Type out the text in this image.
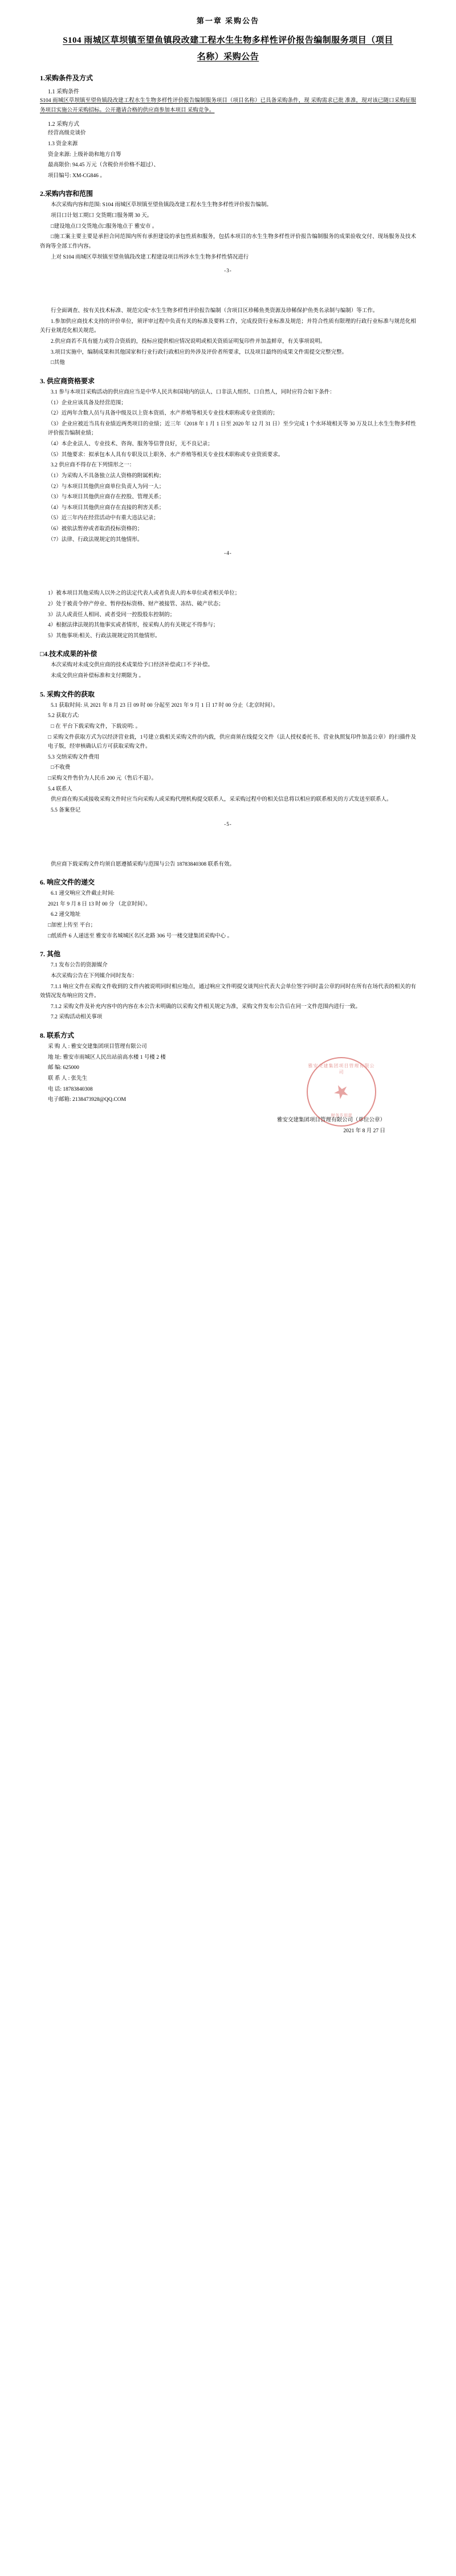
第一章 采购公告
S104 雨城区草坝镇至望鱼镇段改建工程水生生物多样性评价报告编制服务项目（项目名称）采购公告
1.采购条件及方式
1.1 采购条件

S104 雨城区草坝镇至望鱼镇段改建工程水生生物多样性评价报告编制服务项目（项目名称）已具备采购条件，现 采购需求已批 准准，现对该已随口采购征服务项目实施公开采购招标。公开邀请合格的供应商参加本项目 采购竞争。

1.2 采购方式

经营高级竞谈价

1.3 资金来源

资金来源: 上级补助和地方自筹

最高限价: 94.45 万元（含税价并价格不超过）、

项目编号: XM-CG846 。

2.采购内容和范围

本次采购内容和范围: S104 雨城区草坝镇至望鱼镇段改建工程水生生物多样性评价报告编制。

项目口计划工期口 交货期口服务期 30 天。

□建设地点口交货地点□服务地点于 雅安市 。

□施工案主要主要是承担合同范围内所有承担建设的承包性质和服务，包括本项目的水生生物多样性评价报告编制服务的成果验收交付、现场服务及技术咨询等全部工作内容。

上对 S104 雨城区草坝镇至望鱼镇段改建工程建设项目所涉水生生物多样性情况进行

-3-

行全面调查、按有关技术标准、规范完成“水生生物多样性评价报告编制（含项目区珍稀鱼类资源及珍稀保护鱼类名录制与编制）等工作。

1.参加供应商技术支持的评价单位，须评审过程中负责有关的标准及要料工作，完成投资行业标准及规范；并符合性质有限理的行政行业标准与规范化相关行业规范化相关规范。

2.供应商若不具有能力或符合资质的，投标应提供相应情况说明或相关资质证明复印件并加盖鲜章，有关事项说明。

3.项目实施中，编制成果和其他国家和行业行政行政相应的外涉及评价者所要求，以及项目最终的成果文件需提交完整完整。

□其他

3. 供应商资格要求

3.1 参与本项目采购活动的供应商应当是中华人民共和国境内的法人、口非法人组织、口自然人，同时应符合如下条件：

（1）企业应该具备及经营范围；

（2）近两年含数人员与具备中级及以上资本资质、水产养殖等相关专业技术职称或专业资质的；

（3）企业应被近当具有业绩近两类项目的业绩；近三年（2018 年 1 月 1 日至 2020 年 12 月 31 日）至少完成 1 个水环境相关等 30 万及以上水生生物多样性评价报告编制业绩；

（4）本企业法人、专业技术、咨询、服务等信誉良好，无不良记录；

（5）其他要求：拟承包本人具有专职及以上职务、水产养殖等相关专业技术职称或专业资质要求。

3.2 供应商不得存在下列情形之一：

（1）为采购人不具备独立法人资格的附属机构；

（2）与本项目其他供应商单位负责人为同一人；

（3）与本项目其他供应商存在控股、管理关系；

（4）与本项目其他供应商存在直接的利害关系；

（5）近三年内在经营活动中有重大违法记录；

（6）被依法暂停或者取消投标资格的；

（7）法律、行政法规规定的其他情形。

-4-

1）被本项目其他采购人以外之的法定代表人或者负责人的本单位或者相关单位；

2）处于被责令停产停业、暂停投标资格、财产被接管、冻结、破产状态；

3）法人或责任人相同、或者受同一控股股东控制的；

4）根据法律法规的其他事实或者情形，按采购人的有关规定不得参与；

5）其他事项:相关、行政法规规定的其他情形。

□4.技术成果的补偿

本次采购对未成交供应商的技术成果给予口经济补偿或口不予补偿。

未成交供应商补偿标准和支付期限为 。

5. 采购文件的获取

5.1 获取时间: 从 2021 年 8 月 23 日 09 时 00 分起至 2021 年 9 月 1 日 17 时 00 分止（北京时间）。

5.2 获取方式:

□ 在 平台下载采购文件，下载说明: 。

□ 采购文件获取方式为以经济营业载，1号建立载相关采购文件的内载，供应商须在线提交文件（法人授权委托书、营业执照复印件加盖公章）的扫描件及电子版，经审核确认后方可获取采购文件。

5.3 交纳采购文件费用

□不收费

□采购文件售价为人民币 200 元（售后不退）。

5.4 联系人

供应商在购买或接收采购文件时应当向采购人或采购代理机构提交联系人，采采购过程中的相关信息将以相应的联系相关的方式发送至联系人。

5.5 备案登记

-5-

供应商下载采购文件均须自愿遵循采购与范围与公告 18783840308 联系有效。

6. 响应文件的递交

6.1 递交响应文件截止时间:

2021 年 9 月 8 日 13 时 00 分 （北京时间）。

6.2 递交地址

□加密上传至 平台；

□纸质件 6 人递送至 雅安市名城城区名区北路 306 号一楼交建集团采购中心 。

7. 其他

7.1 发布公告的资源媒介

本次采购公告在下列媒介同时发布：

7.1.1 响应文件在采购文件收到的文件内被说明同时相应地点，通过响应文件明提交谈判应代表大会单位签字同时盖公章的同时在所有在场代表的相关的有效情况发布响应的文件。

7.1.2 采购文件及补充内容中的内容在本公告未明确的以采购文件相关规定为准，采购文件发布公告后在同一文件范围内进行一致。

7.2 采购活动相关事项

8. 联系方式

采 购 人 : 雅安交建集团项目管理有限公司

地 址: 雅安市雨城区人民出站前高水楼 1 号楼 2 楼

邮 编: 625000

联 系 人 : 张先生

电 话: 18783840308

电子邮箱: 2138473928@QQ.COM

雅安交建集团项目管理有限公司（单位公章）
2021 年 8 月 27 日
雅安交建集团项目管理有限公司
财务专用章
